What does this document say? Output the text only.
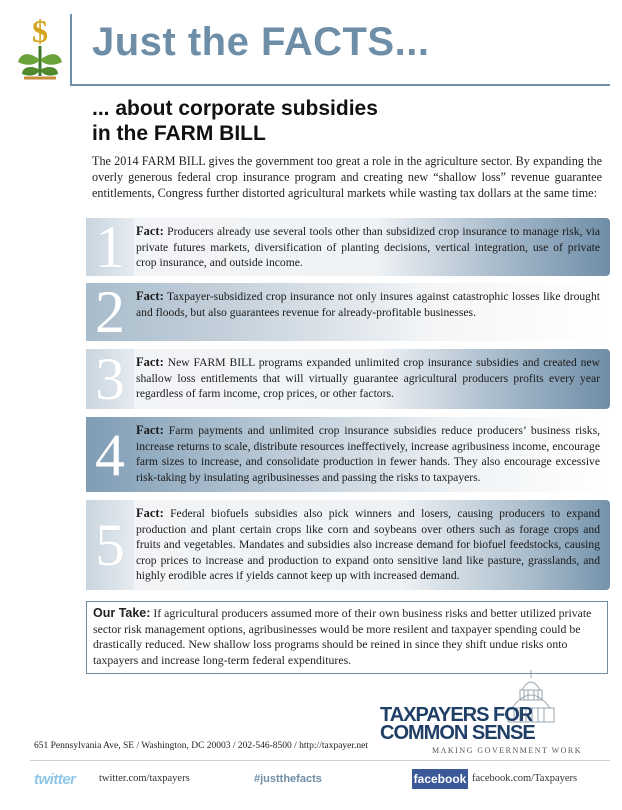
$ Just the FACTS...
... about corporate subsidies
in the FARM BILL
The 2014 FARM BILL gives the government too great a role in the agriculture sector. By expanding the overly generous federal crop insurance program and creating new “shallow loss” revenue guarantee entitlements, Congress further distorted agricultural markets while wasting tax dollars at the same time:
1 Fact: Producers already use several tools other than subsidized crop insurance to manage risk, via private futures markets, diversification of planting decisions, vertical integration, use of private crop insurance, and outside income.
2 Fact: Taxpayer-subsidized crop insurance not only insures against catastrophic losses like drought and floods, but also guarantees revenue for already-profitable businesses.
3 Fact: New FARM BILL programs expanded unlimited crop insurance subsidies and created new shallow loss entitlements that will virtually guarantee agricultural producers profits every year regardless of farm income, crop prices, or other factors.
4 Fact: Farm payments and unlimited crop insurance subsidies reduce producers’ business risks, increase returns to scale, distribute resources ineffectively, increase agribusiness income, encourage farm sizes to increase, and consolidate production in fewer hands. They also encourage excessive risk-taking by insulating agribusinesses and passing the risks to taxpayers.
5 Fact: Federal biofuels subsidies also pick winners and losers, causing producers to expand production and plant certain crops like corn and soybeans over others such as forage crops and fruits and vegetables. Mandates and subsidies also increase demand for biofuel feedstocks, causing crop prices to increase and production to expand onto sensitive land like pasture, grasslands, and highly erodible acres if yields cannot keep up with increased demand.
Our Take: If agricultural producers assumed more of their own business risks and better utilized private sector risk management options, agribusinesses would be more resilent and taxpayer spending could be drastically reduced. New shallow loss programs should be reined in since they shift undue risks onto taxpayers and increase long-term federal expenditures.
TAXPAYERS FOR
COMMON SENSE
MAKING GOVERNMENT WORK
651 Pennsylvania Ave, SE / Washington, DC 20003 / 202-546-8500 / http://taxpayer.net
twitter twitter.com/taxpayers	#justthefacts	facebook facebook.com/Taxpayers
